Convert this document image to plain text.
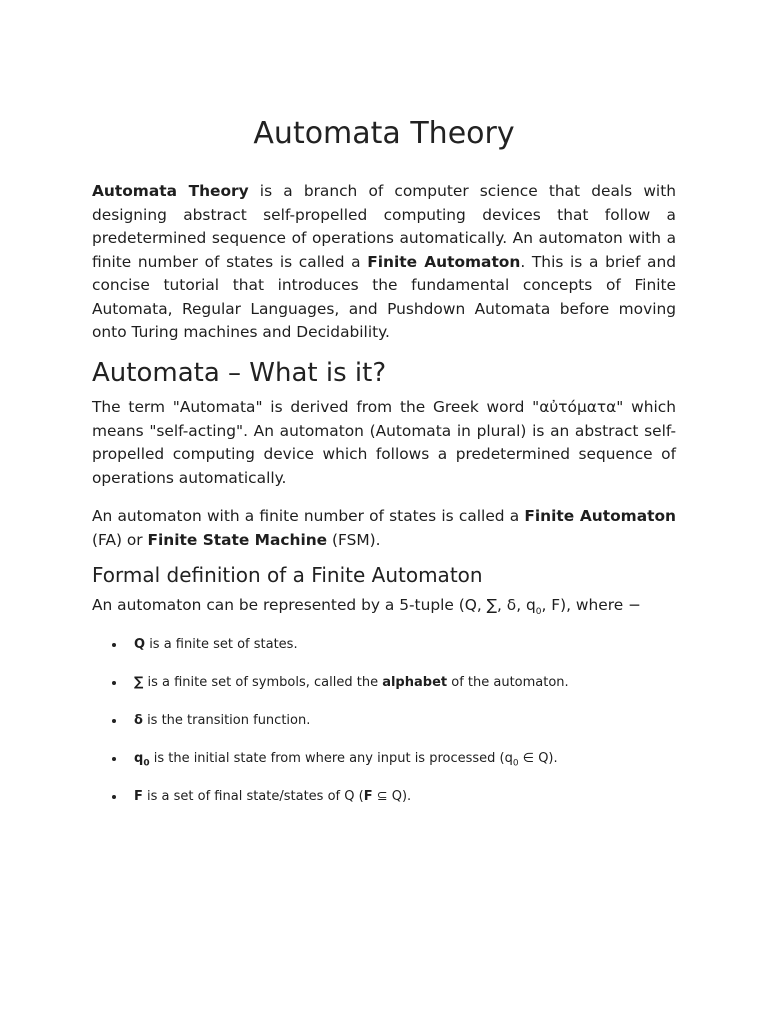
Automata Theory

Automata Theory is a branch of computer science that deals with designing abstract self-propelled computing devices that follow a predetermined sequence of operations automatically. An automaton with a finite number of states is called a Finite Automaton. This is a brief and concise tutorial that introduces the fundamental concepts of Finite Automata, Regular Languages, and Pushdown Automata before moving onto Turing machines and Decidability.

Automata – What is it?

The term "Automata" is derived from the Greek word "αὐτόματα" which means "self-acting". An automaton (Automata in plural) is an abstract self-propelled computing device which follows a predetermined sequence of operations automatically.

An automaton with a finite number of states is called a Finite Automaton (FA) or Finite State Machine (FSM).

Formal definition of a Finite Automaton

An automaton can be represented by a 5-tuple (Q, ∑, δ, $q_0$, F), where −

Q is a finite set of states.
∑ is a finite set of symbols, called the alphabet of the automaton.
δ is the transition function.
$q_0$ is the initial state from where any input is processed ($q_0$ ∈ Q).
F is a set of final state/states of Q (F ⊆ Q).
